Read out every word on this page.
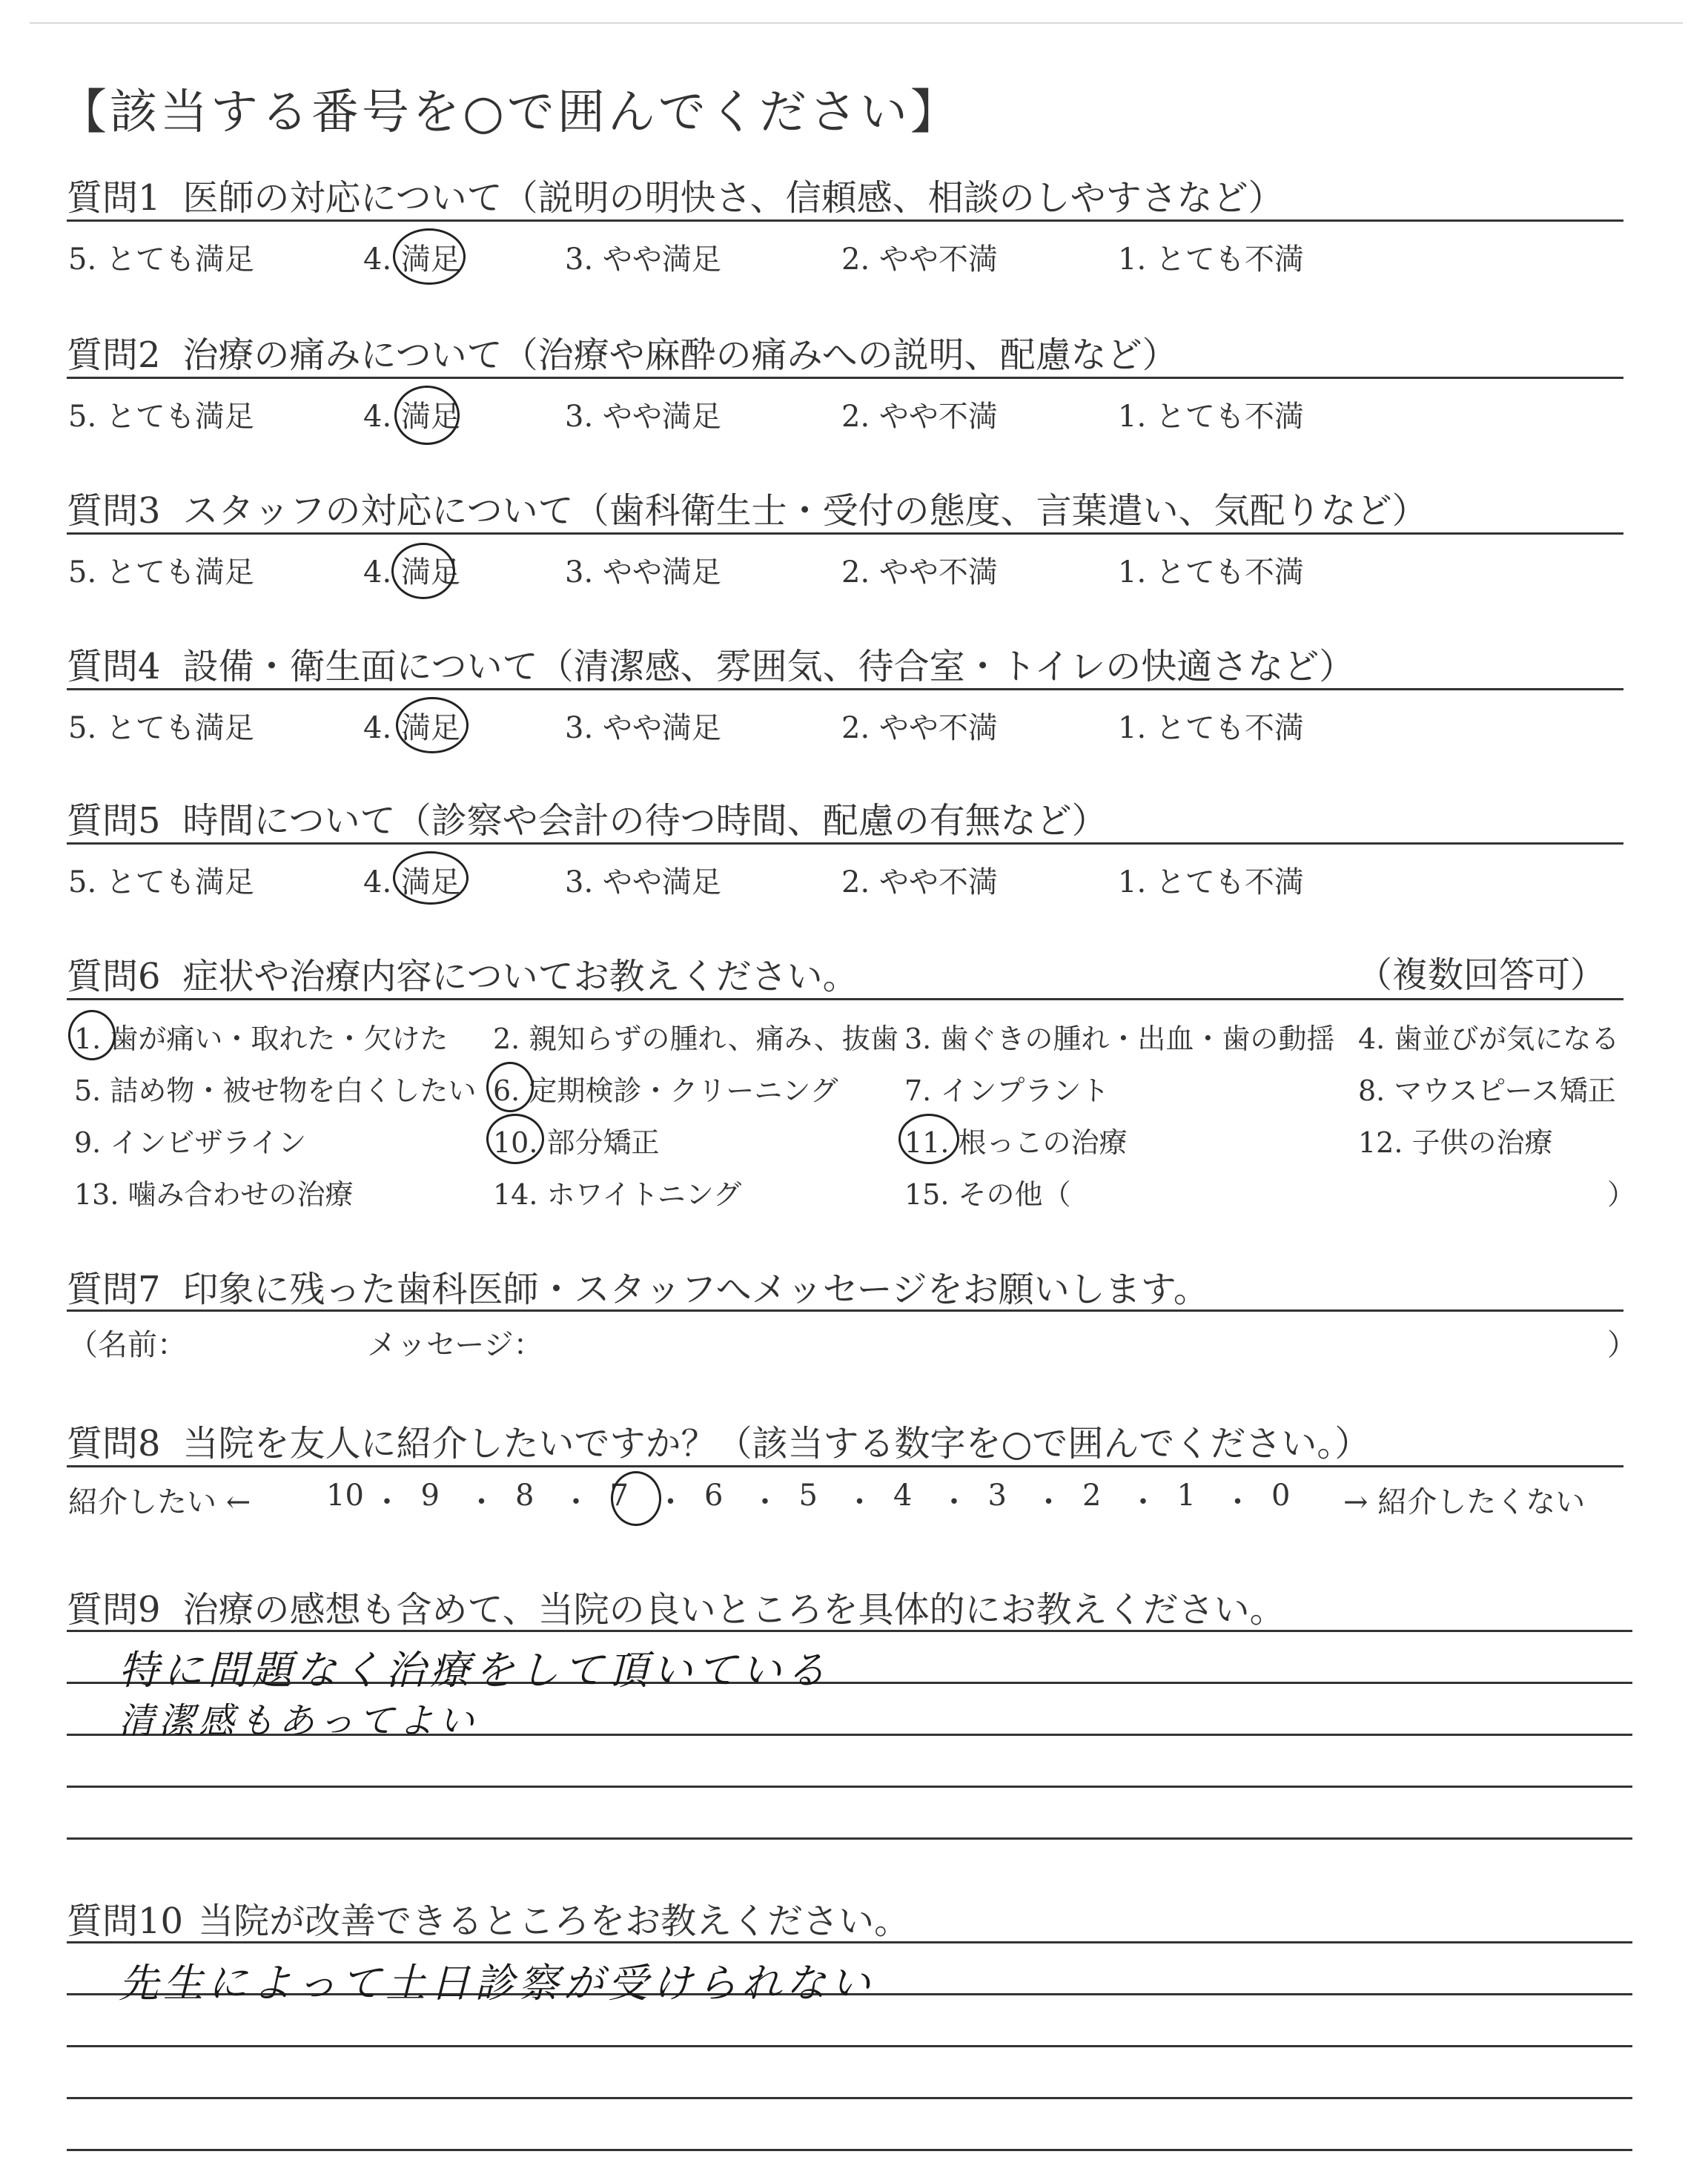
【該当する番号を○で囲んでください】
質問1 医師の対応について（説明の明快さ、信頼感、相談のしやすさなど）
5. とても満足	4. 満足	3. やや満足	2. やや不満	1. とても不満
質問2 治療の痛みについて（治療や麻酔の痛みへの説明、配慮など）
5. とても満足	4. 満足	3. やや満足	2. やや不満	1. とても不満
質問3 スタッフの対応について（歯科衛生士・受付の態度、言葉遣い、気配りなど）
5. とても満足	4. 満足	3. やや満足	2. やや不満	1. とても不満
質問4 設備・衛生面について（清潔感、雰囲気、待合室・トイレの快適さなど）
5. とても満足	4. 満足	3. やや満足	2. やや不満	1. とても不満
質問5 時間について（診察や会計の待つ時間、配慮の有無など）
5. とても満足	4. 満足	3. やや満足	2. やや不満	1. とても不満
質問6 症状や治療内容についてお教えください。	（複数回答可）
1. 歯が痛い・取れた・欠けた 2. 親知らずの腫れ、痛み、抜歯 3. 歯ぐきの腫れ・出血・歯の動揺 4. 歯並びが気になる
5. 詰め物・被せ物を白くしたい 6. 定期検診・クリーニング 7. インプラント	8. マウスピース矯正
9. インビザライン	10. 部分矯正	11. 根っこの治療	12. 子供の治療
13. 噛み合わせの治療	14. ホワイトニング	15. その他（	）
質問7 印象に残った歯科医師・スタッフへメッセージをお願いします。
（名前：	メッセージ：	）
質問8 当院を友人に紹介したいですか？（該当する数字を○で囲んでください。）
紹介したい ←	10 ・ 9 ・ 8 ・ 7 ・ 6 ・ 5 ・ 4 ・ 3 ・ 2 ・ 1 ・ 0 → 紹介したくない
質問9 治療の感想も含めて、当院の良いところを具体的にお教えください。
特に問題なく治療をして頂いている
清潔感もあってよい
質問10 当院が改善できるところをお教えください。
先生によって土日診察が受けられない
